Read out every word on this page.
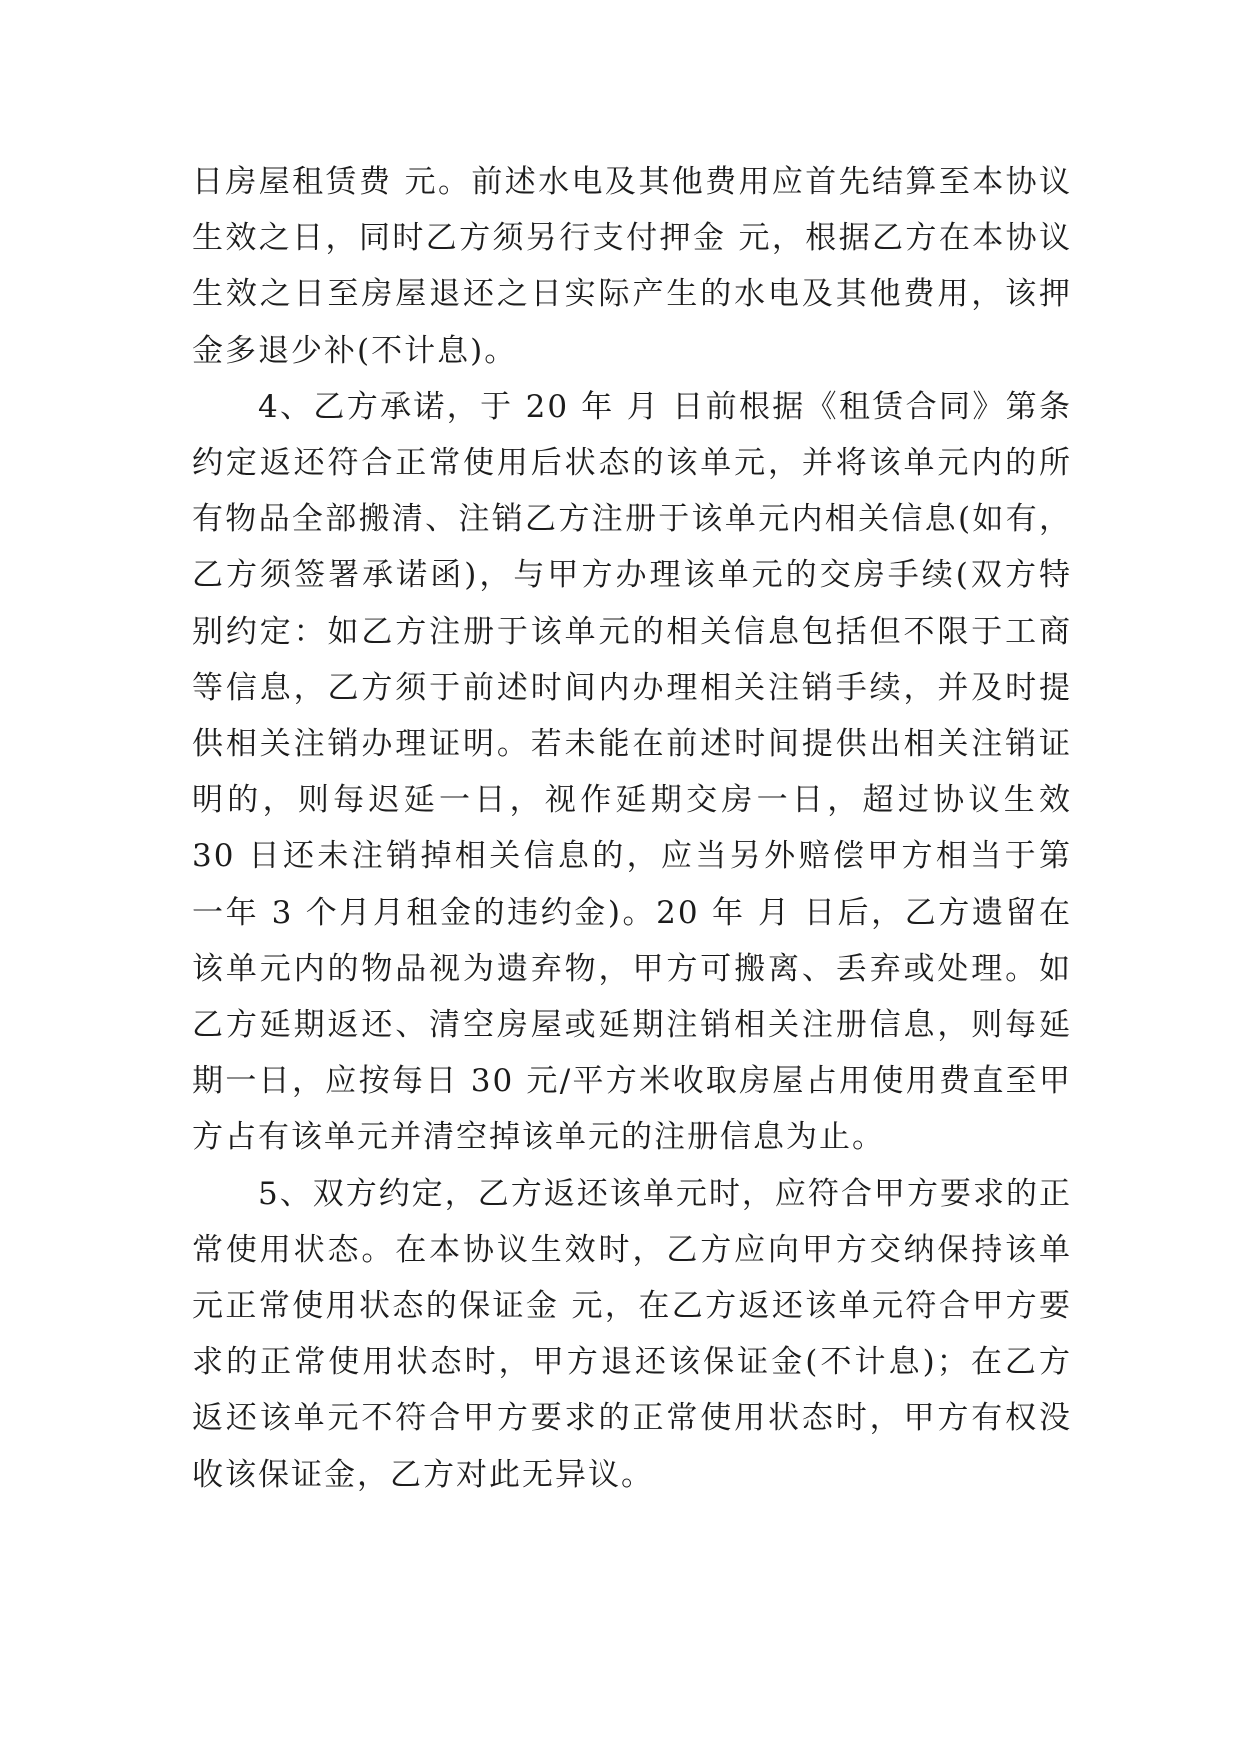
日房屋租赁费 元。前述水电及其他费用应首先结算至本协议生效之日，同时乙方须另行支付押金 元，根据乙方在本协议生效之日至房屋退还之日实际产生的水电及其他费用，该押金多退少补(不计息)。

4、乙方承诺，于 20 年 月 日前根据《租赁合同》第条约定返还符合正常使用后状态的该单元，并将该单元内的所有物品全部搬清、注销乙方注册于该单元内相关信息(如有，乙方须签署承诺函)，与甲方办理该单元的交房手续(双方特别约定：如乙方注册于该单元的相关信息包括但不限于工商等信息，乙方须于前述时间内办理相关注销手续，并及时提供相关注销办理证明。若未能在前述时间提供出相关注销证明的，则每迟延一日，视作延期交房一日，超过协议生效 30 日还未注销掉相关信息的，应当另外赔偿甲方相当于第一年 3 个月月租金的违约金)。20 年 月 日后，乙方遗留在该单元内的物品视为遗弃物，甲方可搬离、丢弃或处理。如乙方延期返还、清空房屋或延期注销相关注册信息，则每延期一日，应按每日 30 元/平方米收取房屋占用使用费直至甲方占有该单元并清空掉该单元的注册信息为止。

5、双方约定，乙方返还该单元时，应符合甲方要求的正常使用状态。在本协议生效时，乙方应向甲方交纳保持该单元正常使用状态的保证金 元，在乙方返还该单元符合甲方要求的正常使用状态时，甲方退还该保证金(不计息)；在乙方返还该单元不符合甲方要求的正常使用状态时，甲方有权没收该保证金，乙方对此无异议。
